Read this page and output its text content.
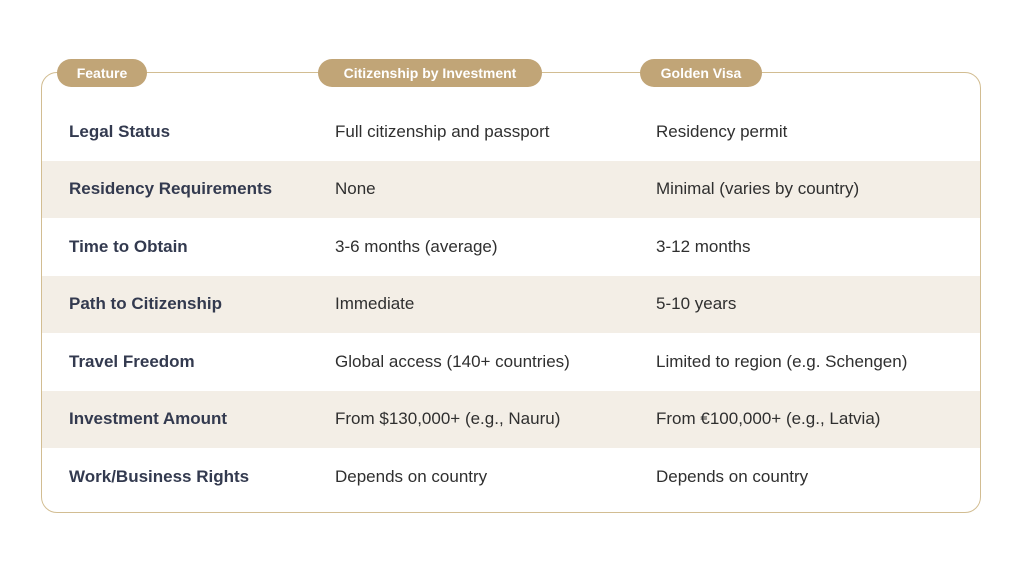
Feature	Citizenship by Investment	Golden Visa
Legal Status	Full citizenship and passport	Residency permit
Residency Requirements	None	Minimal (varies by country)
Time to Obtain	3-6 months (average)	3-12 months
Path to Citizenship	Immediate	5-10 years
Travel Freedom	Global access (140+ countries)	Limited to region (e.g. Schengen)
Investment Amount	From $130,000+ (e.g., Nauru)	From €100,000+ (e.g., Latvia)
Work/Business Rights	Depends on country	Depends on country
